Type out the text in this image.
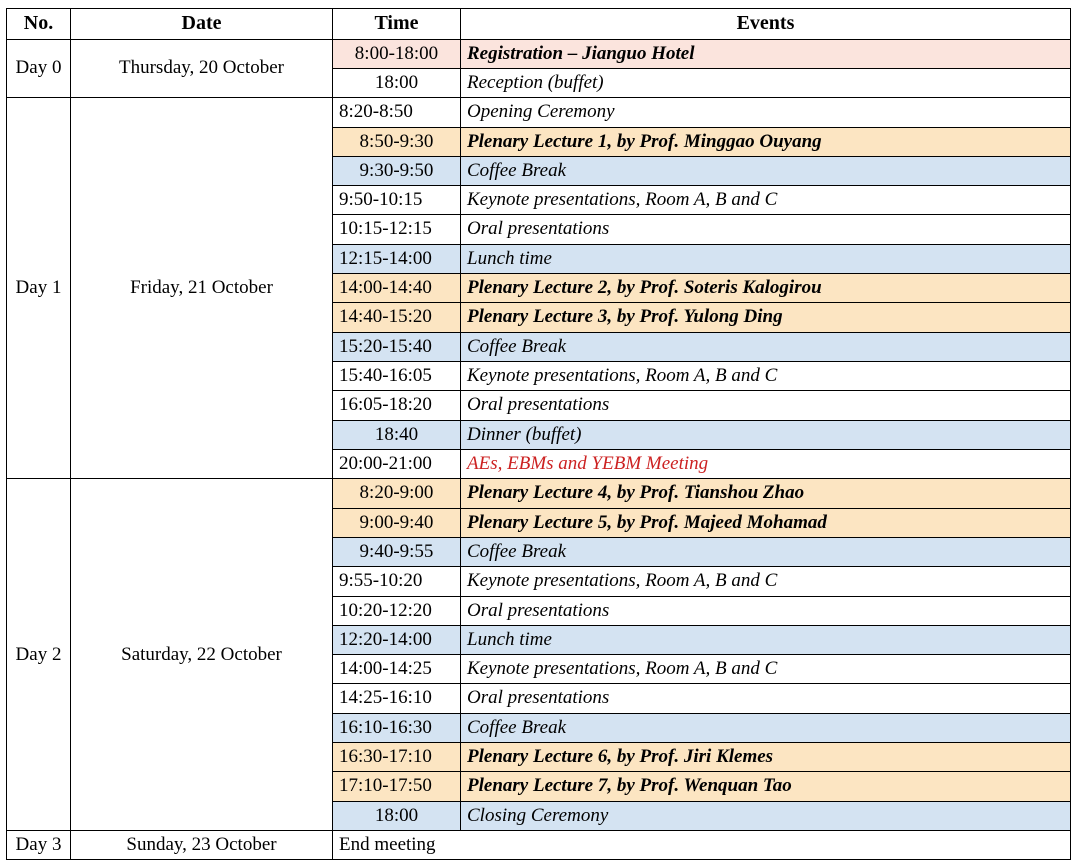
No.	Date	Time	Events
Day 0	Thursday, 20 October	8:00-18:00	Registration – Jianguo Hotel
		18:00	Reception (buffet)
Day 1	Friday, 21 October	8:20-8:50	Opening Ceremony
		8:50-9:30	Plenary Lecture 1, by Prof. Minggao Ouyang
		9:30-9:50	Coffee Break
		9:50-10:15	Keynote presentations, Room A, B and C
		10:15-12:15	Oral presentations
		12:15-14:00	Lunch time
		14:00-14:40	Plenary Lecture 2, by Prof. Soteris Kalogirou
		14:40-15:20	Plenary Lecture 3, by Prof. Yulong Ding
		15:20-15:40	Coffee Break
		15:40-16:05	Keynote presentations, Room A, B and C
		16:05-18:20	Oral presentations
		18:40	Dinner (buffet)
		20:00-21:00	AEs, EBMs and YEBM Meeting
Day 2	Saturday, 22 October	8:20-9:00	Plenary Lecture 4, by Prof. Tianshou Zhao
		9:00-9:40	Plenary Lecture 5, by Prof. Majeed Mohamad
		9:40-9:55	Coffee Break
		9:55-10:20	Keynote presentations, Room A, B and C
		10:20-12:20	Oral presentations
		12:20-14:00	Lunch time
		14:00-14:25	Keynote presentations, Room A, B and C
		14:25-16:10	Oral presentations
		16:10-16:30	Coffee Break
		16:30-17:10	Plenary Lecture 6, by Prof. Jiri Klemes
		17:10-17:50	Plenary Lecture 7, by Prof. Wenquan Tao
		18:00	Closing Ceremony
Day 3	Sunday, 23 October	End meeting	
